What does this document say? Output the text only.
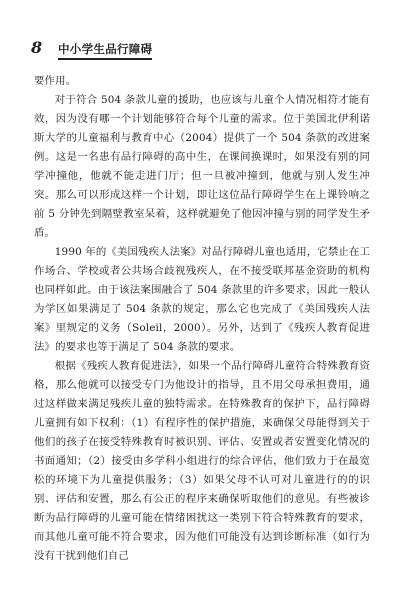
8 中小学生品行障碍

要作用。

对于符合 504 条款儿童的援助，也应该与儿童个人情况相符才能有效，因为没有哪一个计划能够符合每个儿童的需求。位于美国北伊利诺斯大学的儿童福利与教育中心（2004）提供了一个 504 条款的改进案例。这是一名患有品行障碍的高中生，在课间换课时，如果没有别的同学冲撞他，他就不能走进门厅；但一旦被冲撞到，他就与别人发生冲突。那么可以形成这样一个计划，即让这位品行障碍学生在上课铃响之前 5 分钟先到隔壁教室呆着，这样就避免了他因冲撞与别的同学发生矛盾。

1990 年的《美国残疾人法案》对品行障碍儿童也适用，它禁止在工作场合、学校或者公共场合歧视残疾人，在不接受联邦基金资助的机构也同样如此。由于该法案围融合了 504 条款里的许多要求，因此一般认为学区如果满足了 504 条款的规定，那么它也完成了《美国残疾人法案》里规定的义务（Soleil，2000）。另外，达到了《残疾人教育促进法》的要求也等于满足了 504 条款的要求。

根据《残疾人教育促进法》，如果一个品行障碍儿童符合特殊教育资格，那么他就可以接受专门为他设计的指导，且不用父母承担费用，通过这样做来满足残疾儿童的独特需求。在特殊教育的保护下，品行障碍儿童拥有如下权利：（1）有程序性的保护措施，来确保父母能得到关于他们的孩子在接受特殊教育时被识别、评估、安置或者安置变化情况的书面通知；（2）接受由多学科小组进行的综合评估，他们致力于在最宽松的环境下为儿童提供服务；（3）如果父母不认可对儿童进行的的识别、评估和安置，那么有公正的程序来确保听取他们的意见。有些被诊断为品行障碍的儿童可能在情绪困扰这一类别下符合特殊教育的要求，而其他儿童可能不符合要求，因为他们可能没有达到诊断标准（如行为没有干扰到他们自己
